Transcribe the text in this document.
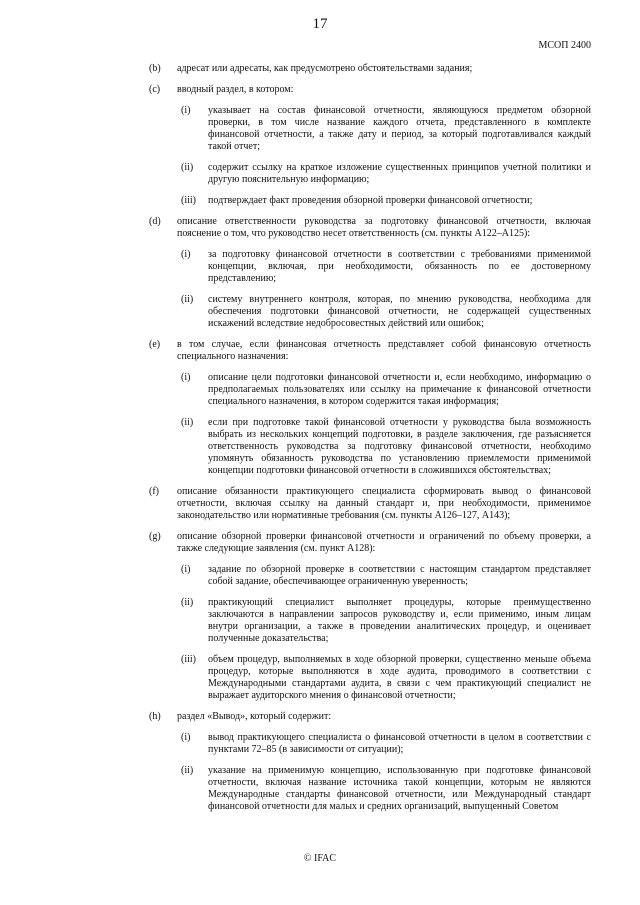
17
МСОП 2400
(b) адресат или адресаты, как предусмотрено обстоятельствами задания;
(c) вводный раздел, в котором:
(i) указывает на состав финансовой отчетности, являющуюся предметом обзорной проверки, в том числе название каждого отчета, представленного в комплекте финансовой отчетности, а также дату и период, за который подготавливался каждый такой отчет;
(ii) содержит ссылку на краткое изложение существенных принципов учетной политики и другую пояснительную информацию;
(iii) подтверждает факт проведения обзорной проверки финансовой отчетности;
(d) описание ответственности руководства за подготовку финансовой отчетности, включая пояснение о том, что руководство несет ответственность (см. пункты А122–А125):
(i) за подготовку финансовой отчетности в соответствии с требованиями применимой концепции, включая, при необходимости, обязанность по ее достоверному представлению;
(ii) систему внутреннего контроля, которая, по мнению руководства, необходима для обеспечения подготовки финансовой отчетности, не содержащей существенных искажений вследствие недобросовестных действий или ошибок;
(e) в том случае, если финансовая отчетность представляет собой финансовую отчетность специального назначения:
(i) описание цели подготовки финансовой отчетности и, если необходимо, информацию о предполагаемых пользователях или ссылку на примечание к финансовой отчетности специального назначения, в котором содержится такая информация;
(ii) если при подготовке такой финансовой отчетности у руководства была возможность выбрать из нескольких концепций подготовки, в разделе заключения, где разъясняется ответственность руководства за подготовку финансовой отчетности, необходимо упомянуть обязанность руководства по установлению приемлемости применимой концепции подготовки финансовой отчетности в сложившихся обстоятельствах;
(f) описание обязанности практикующего специалиста сформировать вывод о финансовой отчетности, включая ссылку на данный стандарт и, при необходимости, применимое законодательство или нормативные требования (см. пункты А126–127, А143);
(g) описание обзорной проверки финансовой отчетности и ограничений по объему проверки, а также следующие заявления (см. пункт А128):
(i) задание по обзорной проверке в соответствии с настоящим стандартом представляет собой задание, обеспечивающее ограниченную уверенность;
(ii) практикующий специалист выполняет процедуры, которые преимущественно заключаются в направлении запросов руководству и, если применимо, иным лицам внутри организации, а также в проведении аналитических процедур, и оценивает полученные доказательства;
(iii) объем процедур, выполняемых в ходе обзорной проверки, существенно меньше объема процедур, которые выполняются в ходе аудита, проводимого в соответствии с Международными стандартами аудита, в связи с чем практикующий специалист не выражает аудиторского мнения о финансовой отчетности;
(h) раздел «Вывод», который содержит:
(i) вывод практикующего специалиста о финансовой отчетности в целом в соответствии с пунктами 72–85 (в зависимости от ситуации);
(ii) указание на применимую концепцию, использованную при подготовке финансовой отчетности, включая название источника такой концепции, которым не являются Международные стандарты финансовой отчетности, или Международный стандарт финансовой отчетности для малых и средних организаций, выпущенный Советом
© IFAC
